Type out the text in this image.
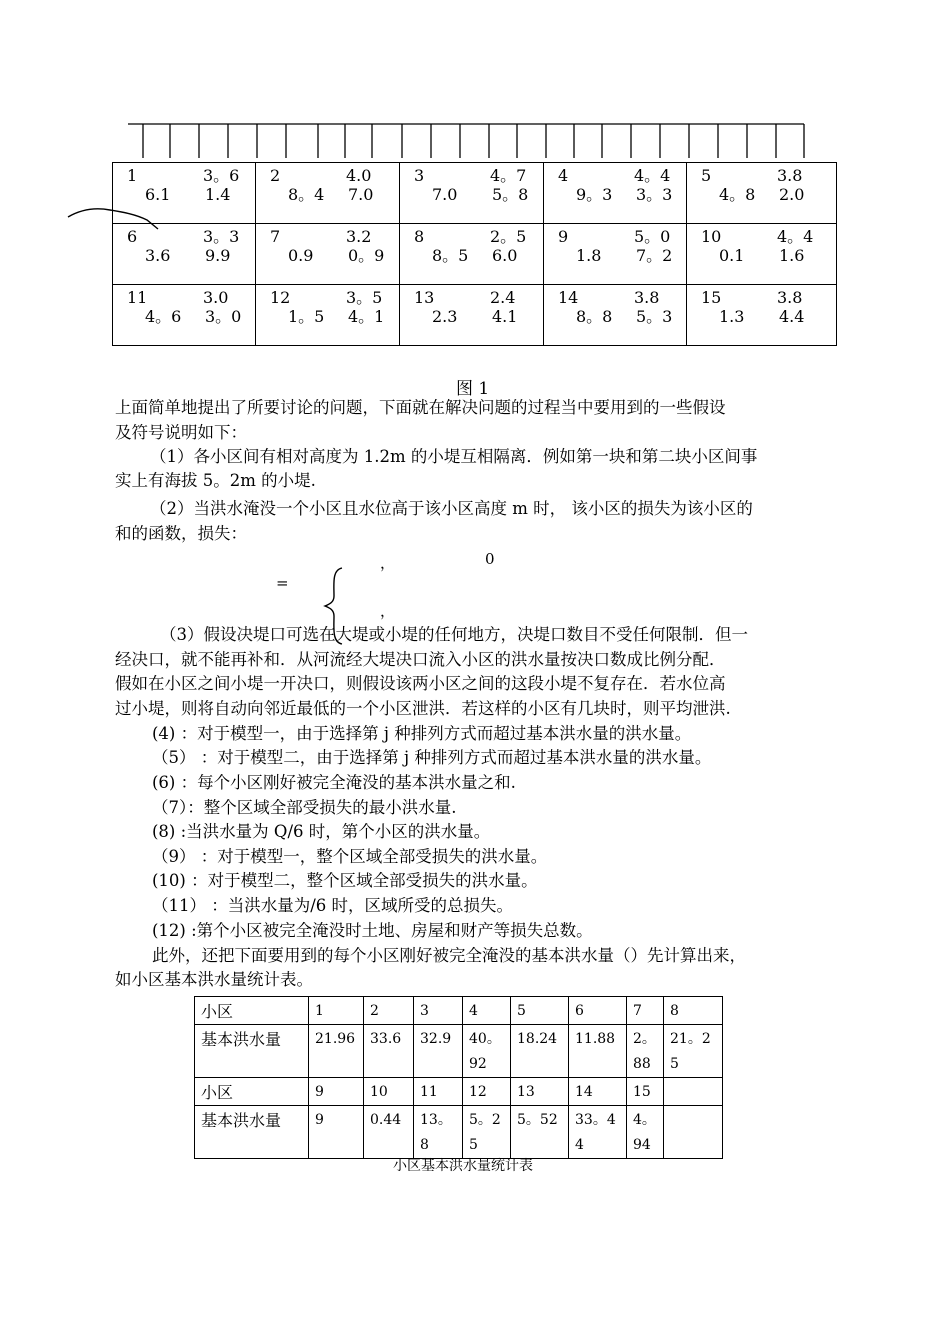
1	3。6
6.1 1.4
2	4.0
8。4 7.0
3	4。7
7.0 5。8
4	4。4
9。3 3。3
5	3.8
4。8 2.0
6	3。3
3.6 9.9
7	3.2
0.9 0。9
8	2。5
8。5 6.0
9	5。0
1.8 7。2
10	4。4
0.1 1.6
11	3.0
4。6 3。0
12	3。5
1。5 4。1
13	2.4
2.3 4.1
14	3.8
8。8 5。3
15	3.8
1.3 4.4
图 1
上面简单地提出了所要讨论的问题，下面就在解决问题的过程当中要用到的一些假设
及符号说明如下：
（1）各小区间有相对高度为 1.2m 的小堤互相隔离．例如第一块和第二块小区间事
实上有海拔 5。2m 的小堤.
（2）当洪水淹没一个小区且水位高于该小区高度 m 时， 该小区的损失为该小区的
和的函数，损失：
，	0
=
，
（3）假设决堤口可选在大堤或小堤的任何地方，决堤口数目不受任何限制．但一
经决口，就不能再补和．从河流经大堤决口流入小区的洪水量按决口数成比例分配．
假如在小区之间小堤一开决口，则假设该两小区之间的这段小堤不复存在．若水位高
过小堤，则将自动向邻近最低的一个小区泄洪．若这样的小区有几块时，则平均泄洪.
(4) ：对于模型一，由于选择第 j 种排列方式而超过基本洪水量的洪水量。
（5） ：对于模型二，由于选择第 j 种排列方式而超过基本洪水量的洪水量。
(6) ：每个小区刚好被完全淹没的基本洪水量之和.
（7）：整个区域全部受损失的最小洪水量.
(8) :当洪水量为 Q/6 时，第个小区的洪水量。
（9） ：对于模型一，整个区域全部受损失的洪水量。
(10) ：对于模型二，整个区域全部受损失的洪水量。
（11） ：当洪水量为/6 时，区域所受的总损失。
(12) :第个小区被完全淹没时土地、房屋和财产等损失总数。
此外，还把下面要用到的每个小区刚好被完全淹没的基本洪水量（）先计算出来，
如小区基本洪水量统计表。
小区	1	2	3	4	5	6	7	8
基本洪水量	21.96	33.6	32.9	40。92	18.24	11.88	2。88	21。25
小区	9	10	11	12	13	14	15	
基本洪水量	9	0.44	13。8	5。25	5。52	33。44	4。94	
小区基本洪水量统计表
